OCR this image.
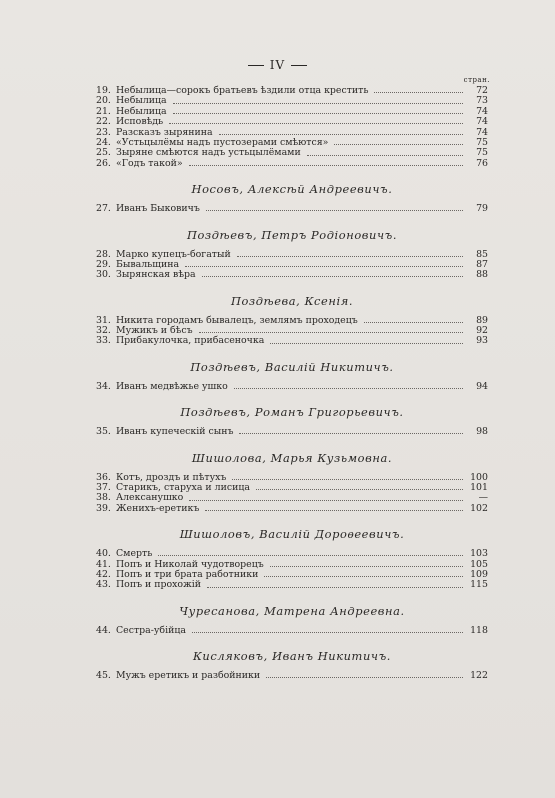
IV
стран.
19. Небылица—сорокъ братьевъ ѣздили отца крестить	72
20. Небылица	73
21. Небылица	74
22. Исповѣдь	74
23. Разсказъ зырянина	74
24. «Устьцылёмы надъ пустозерами смѣются»	75
25. Зыряне смѣются надъ устьцылёмами	75
26. «Годъ такой»	76
Носовъ, Алексѣй Андреевичъ.
27. Иванъ Быковичъ	79
Поздѣевъ, Петръ Родіоновичъ.
28. Марко купецъ-богатый	85
29. Бывальщина	87
30. Зырянская вѣра	88
Поздѣева, Ксенія.
31. Никита городамъ бывалецъ, землямъ проходецъ	89
32. Мужикъ и бѣсъ	92
33. Прибакулочка, прибасеночка	93
Поздѣевъ, Василій Никитичъ.
34. Иванъ медвѣжье ушко	94
Поздѣевъ, Романъ Григорьевичъ.
35. Иванъ купеческій сынъ	98
Шишолова, Марья Кузьмовна.
36. Котъ, дроздъ и пѣтухъ	100
37. Старикъ, старуха и лисица	101
38. Алексанушко	—
39. Женихъ-еретикъ	102
Шишоловъ, Василій Дороѳеевичъ.
40. Смерть	103
41. Попъ и Николай чудотворецъ	105
42. Попъ и три брата работники	109
43. Попъ и прохожій	115
Чуресанова, Матрена Андреевна.
44. Сестра-убійца	118
Кисляковъ, Иванъ Никитичъ.
45. Мужъ еретикъ и разбойники	122
